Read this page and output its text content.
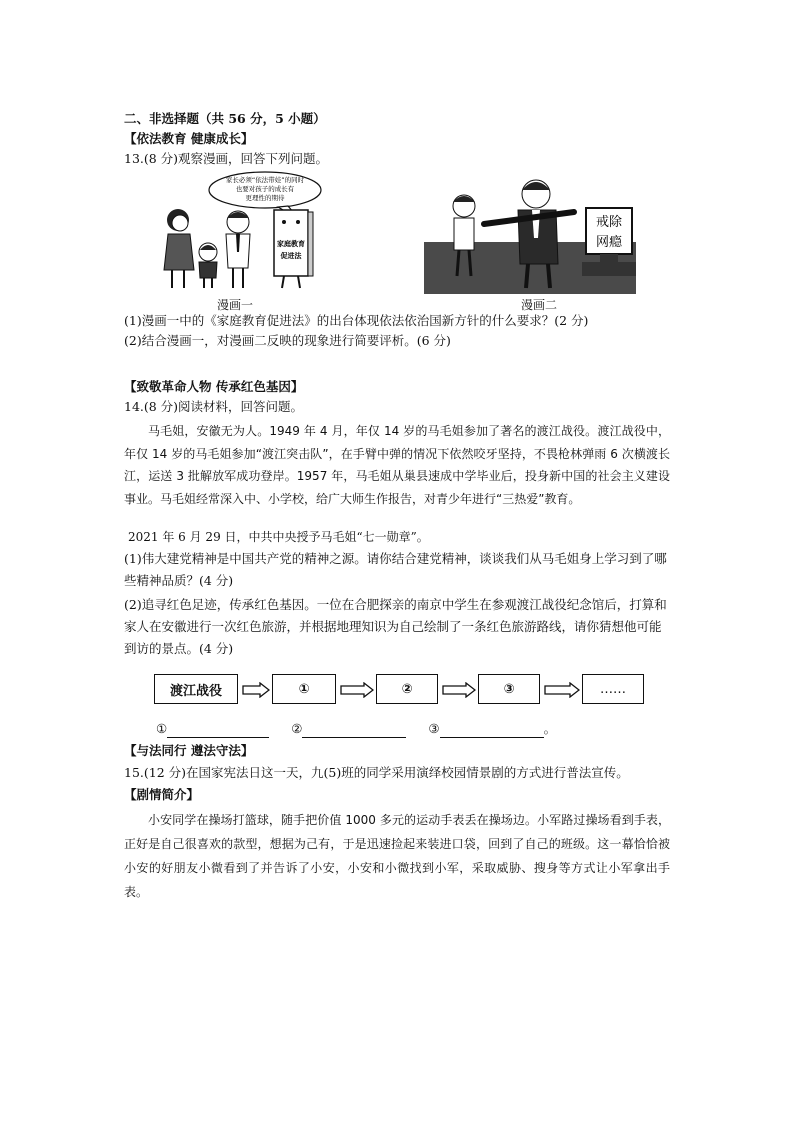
二、非选择题（共 56 分，5 小题）
【依法教育 健康成长】
13.(8 分)观察漫画，回答下列问题。
家长必须“依法带娃”的同时
也要对孩子的成长有
更理性的期待
家庭教育
促进法
戒除
网瘾
漫画一	漫画二
(1)漫画一中的《家庭教育促进法》的出台体现依法依治国新方针的什么要求？(2 分)
(2)结合漫画一，对漫画二反映的现象进行简要评析。(6 分)
【致敬革命人物 传承红色基因】
14.(8 分)阅读材料，回答问题。
马毛姐，安徽无为人。1949 年 4 月，年仅 14 岁的马毛姐参加了著名的渡江战役。渡江战役中，年仅 14 岁的马毛姐参加“渡江突击队”，在手臂中弹的情况下依然咬牙坚持，不畏枪林弹雨 6 次横渡长江，运送 3 批解放军成功登岸。1957 年，马毛姐从巢县速成中学毕业后，投身新中国的社会主义建设事业。马毛姐经常深入中、小学校，给广大师生作报告，对青少年进行“三热爱”教育。
2021 年 6 月 29 日，中共中央授予马毛姐“七一勋章”。
(1)伟大建党精神是中国共产党的精神之源。请你结合建党精神，谈谈我们从马毛姐身上学习到了哪
些精神品质？(4 分)
(2)追寻红色足迹，传承红色基因。一位在合肥探亲的南京中学生在参观渡江战役纪念馆后，打算和
家人在安徽进行一次红色旅游，并根据地理知识为自己绘制了一条红色旅游路线，请你猜想他可能
到访的景点。(4 分)
渡江战役	①	②	③	……
①	②	③	。
【与法同行 遵法守法】
15.(12 分)在国家宪法日这一天，九(5)班的同学采用演绎校园情景剧的方式进行普法宣传。
【剧情简介】
小安同学在操场打篮球，随手把价值 1000 多元的运动手表丢在操场边。小军路过操场看到手表，正好是自己很喜欢的款型，想据为己有，于是迅速捡起来装进口袋，回到了自己的班级。这一幕恰恰被小安的好朋友小微看到了并告诉了小安，小安和小微找到小军，采取威胁、搜身等方式让小军拿出手表。
